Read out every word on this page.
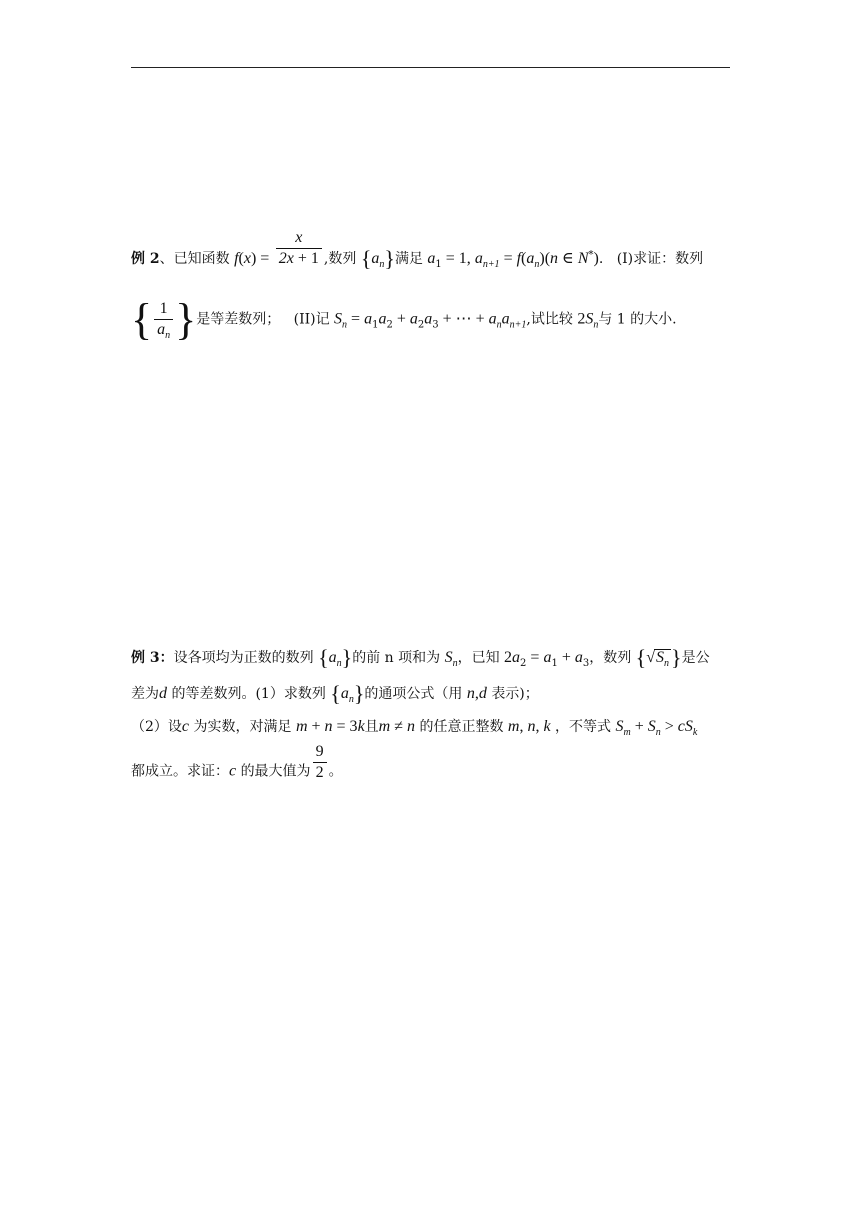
例 2、已知函数 $f(x) = \frac{x}{2x + 1}$ ,数列 $\{a_n\}$满足 $a_1 = 1$, $a_{n+1} = f(a_n)(n$ ∈ N*). (I)求证：数列
{ $\frac{1}{a_n}$ }是等差数列； (II)记 $S_n = a_1a_2 + a_2a_3$ + ⋯ + $a_na_{n+1}$,试比较 $2S_n$与 1 的大小.
例 3：设各项均为正数的数列 $\{a_n\}$的前 n 项和为 $S_n$，已知 $2a_2 = a_1 + a_3$，数列 $\{√S_n\}$是公
差为d 的等差数列。(1）求数列 $\{a_n\}$的通项公式（用 n,d 表示)；
（2）设c 为实数，对满足 m + n = 3k且m ≠ n 的任意正整数 m, n, k ，不等式 $S_m + S_n > cS_k$
都成立。求证：c 的最大值为 $\frac{9}{2}$ 。
